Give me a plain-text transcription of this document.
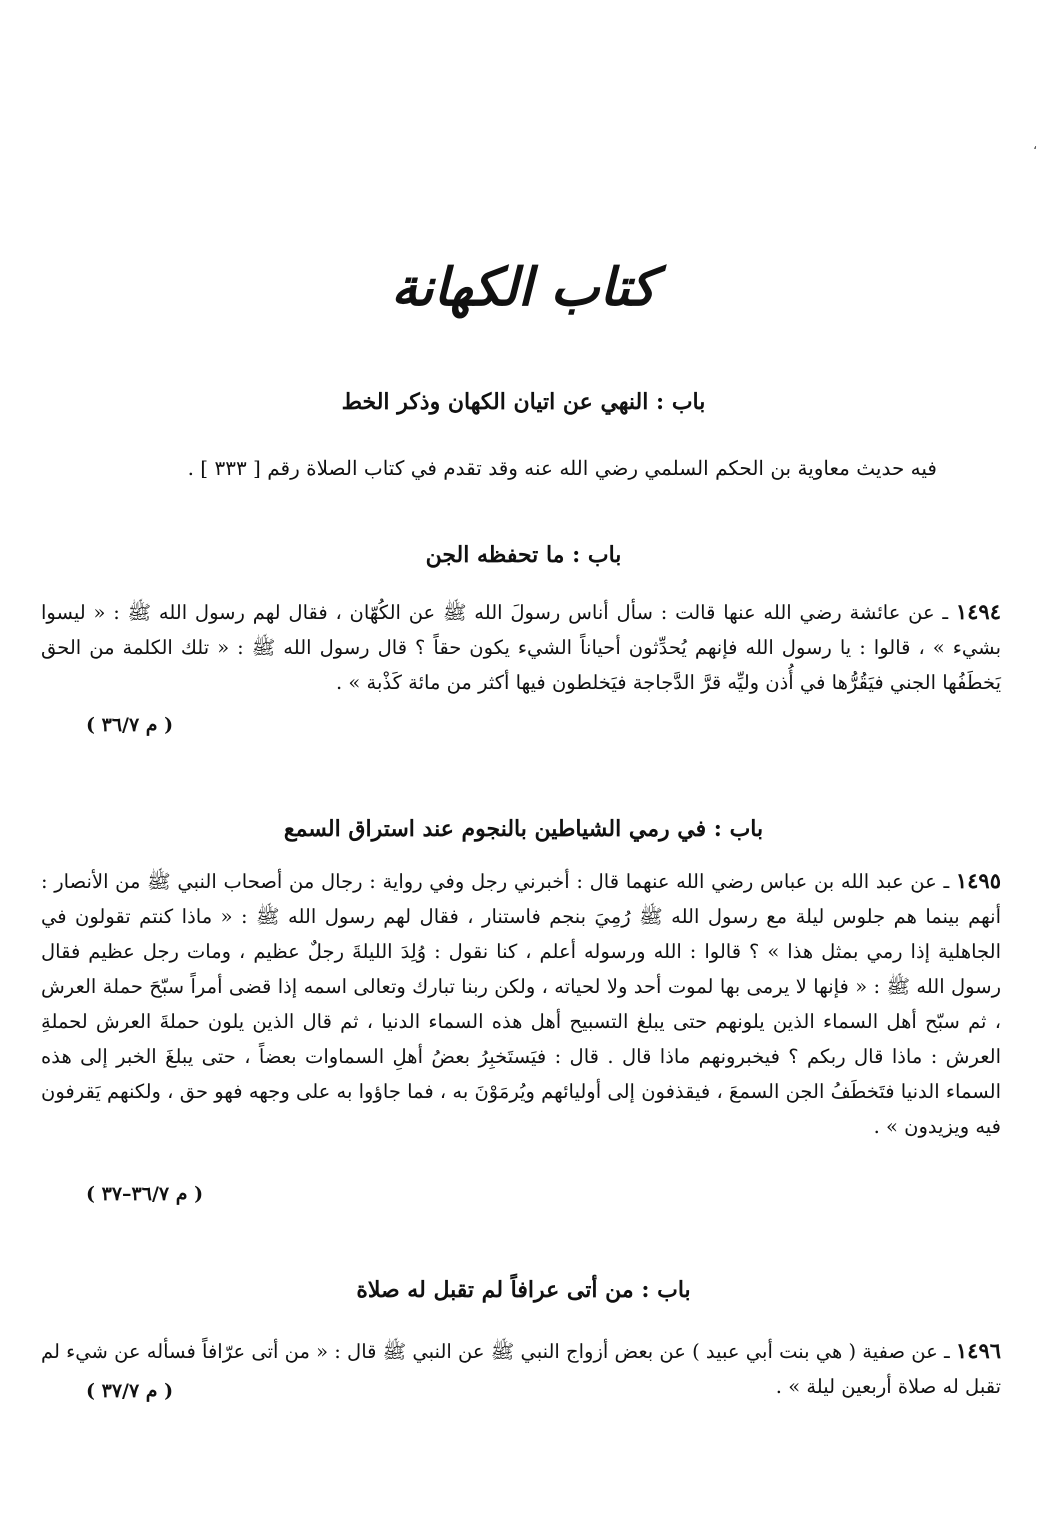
،
كتاب الكهانة
باب : النهي عن اتيان الكهان وذكر الخط
فيه حديث معاوية بن الحكم السلمي رضي الله عنه وقد تقدم في كتاب الصلاة رقم [ ٣٣٣ ] .
باب : ما تحفظه الجن
١٤٩٤ ـ عن عائشة رضي الله عنها قالت : سأل أناس رسولَ الله ﷺ عن الكُهّان ، فقال لهم رسول الله ﷺ : « ليسوا بشيء » ، قالوا : يا رسول الله فإنهم يُحدِّثون أحياناً الشيء يكون حقاً ؟ قال رسول الله ﷺ : « تلك الكلمة من الحق يَخطَفُها الجني فيَقُرُّها في أُذن وليِّه قرَّ الدَّجاجة فيَخلطون فيها أكثر من مائة كَذْبة » .
( م ٣٦/٧ )
باب : في رمي الشياطين بالنجوم عند استراق السمع
١٤٩٥ ـ عن عبد الله بن عباس رضي الله عنهما قال : أخبرني رجل وفي رواية : رجال من أصحاب النبي ﷺ من الأنصار : أنهم بينما هم جلوس ليلة مع رسول الله ﷺ رُمِيَ بنجم فاستنار ، فقال لهم رسول الله ﷺ : « ماذا كنتم تقولون في الجاهلية إذا رمي بمثل هذا » ؟ قالوا : الله ورسوله أعلم ، كنا نقول : وُلِدَ الليلةَ رجلٌ عظيم ، ومات رجل عظيم فقال رسول الله ﷺ : « فإنها لا يرمى بها لموت أحد ولا لحياته ، ولكن ربنا تبارك وتعالى اسمه إذا قضى أمراً سبّحَ حملة العرش ، ثم سبّح أهل السماء الذين يلونهم حتى يبلغ التسبيح أهل هذه السماء الدنيا ، ثم قال الذين يلون حملةَ العرش لحملةِ العرش : ماذا قال ربكم ؟ فيخبرونهم ماذا قال . قال : فيَستَخبِرُ بعضُ أهلِ السماوات بعضاً ، حتى يبلغَ الخبر إلى هذه السماء الدنيا فتَخطَفُ الجن السمعَ ، فيقذفون إلى أوليائهم ويُرمَوْنَ به ، فما جاؤوا به على وجهه فهو حق ، ولكنهم يَقرفون فيه ويزيدون » .
( م ٣٦/٧–٣٧ )
باب : من أتى عرافاً لم تقبل له صلاة
١٤٩٦ ـ عن صفية ( هي بنت أبي عبيد ) عن بعض أزواج النبي ﷺ عن النبي ﷺ قال : « من أتى عرّافاً فسأله عن شيء لم تقبل له صلاة أربعين ليلة » .
( م ٣٧/٧ )
